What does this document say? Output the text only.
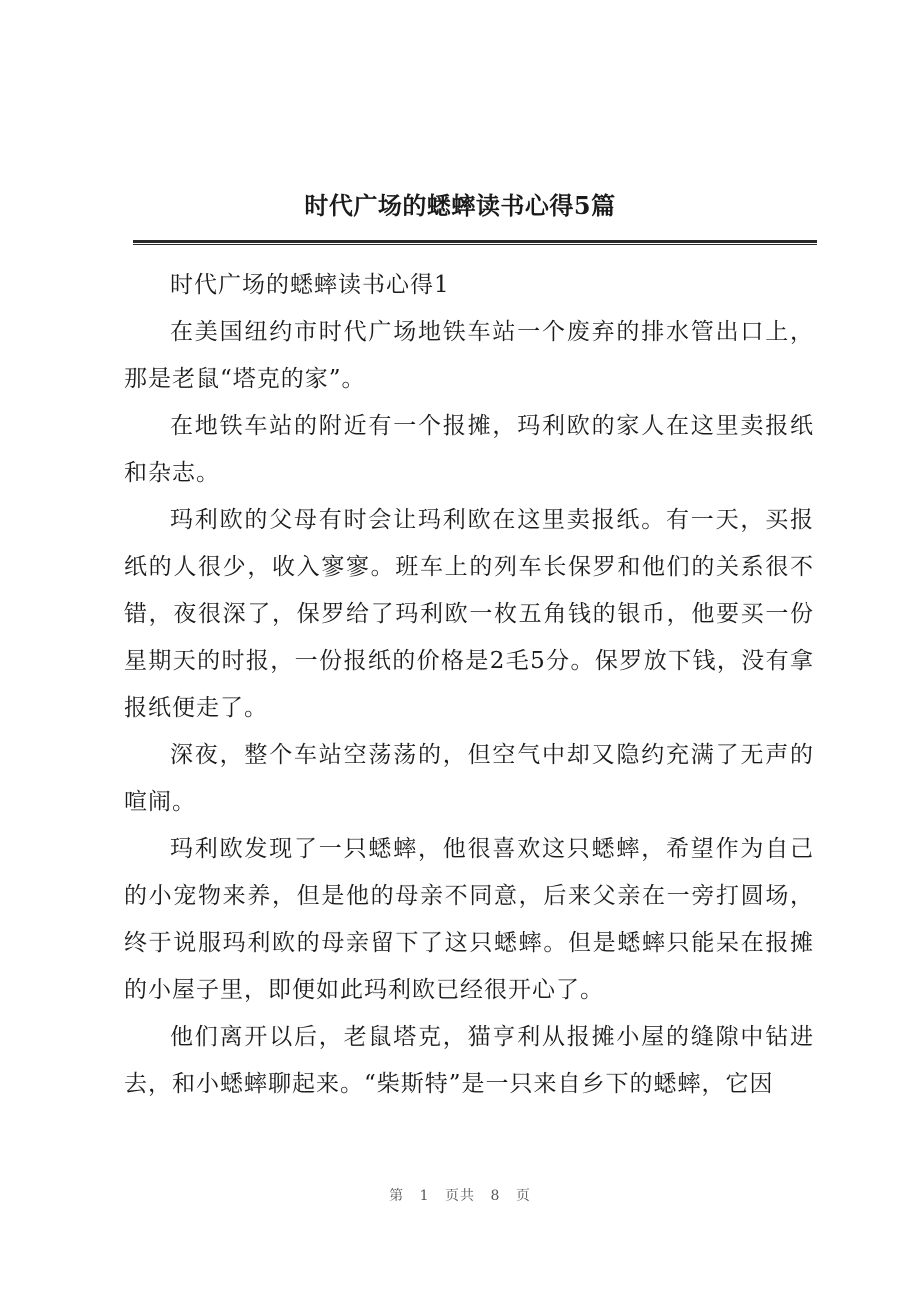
时代广场的蟋蟀读书心得5篇

时代广场的蟋蟀读书心得1

在美国纽约市时代广场地铁车站一个废弃的排水管出口上，那是老鼠“塔克的家”。

在地铁车站的附近有一个报摊，玛利欧的家人在这里卖报纸和杂志。

玛利欧的父母有时会让玛利欧在这里卖报纸。有一天，买报纸的人很少，收入寥寥。班车上的列车长保罗和他们的关系很不错，夜很深了，保罗给了玛利欧一枚五角钱的银币，他要买一份星期天的时报，一份报纸的价格是2毛5分。保罗放下钱，没有拿报纸便走了。

深夜，整个车站空荡荡的，但空气中却又隐约充满了无声的喧闹。

玛利欧发现了一只蟋蟀，他很喜欢这只蟋蟀，希望作为自己的小宠物来养，但是他的母亲不同意，后来父亲在一旁打圆场，终于说服玛利欧的母亲留下了这只蟋蟀。但是蟋蟀只能呆在报摊的小屋子里，即便如此玛利欧已经很开心了。

他们离开以后，老鼠塔克，猫亨利从报摊小屋的缝隙中钻进去，和小蟋蟀聊起来。“柴斯特”是一只来自乡下的蟋蟀，它因

第 1 页共 8 页
